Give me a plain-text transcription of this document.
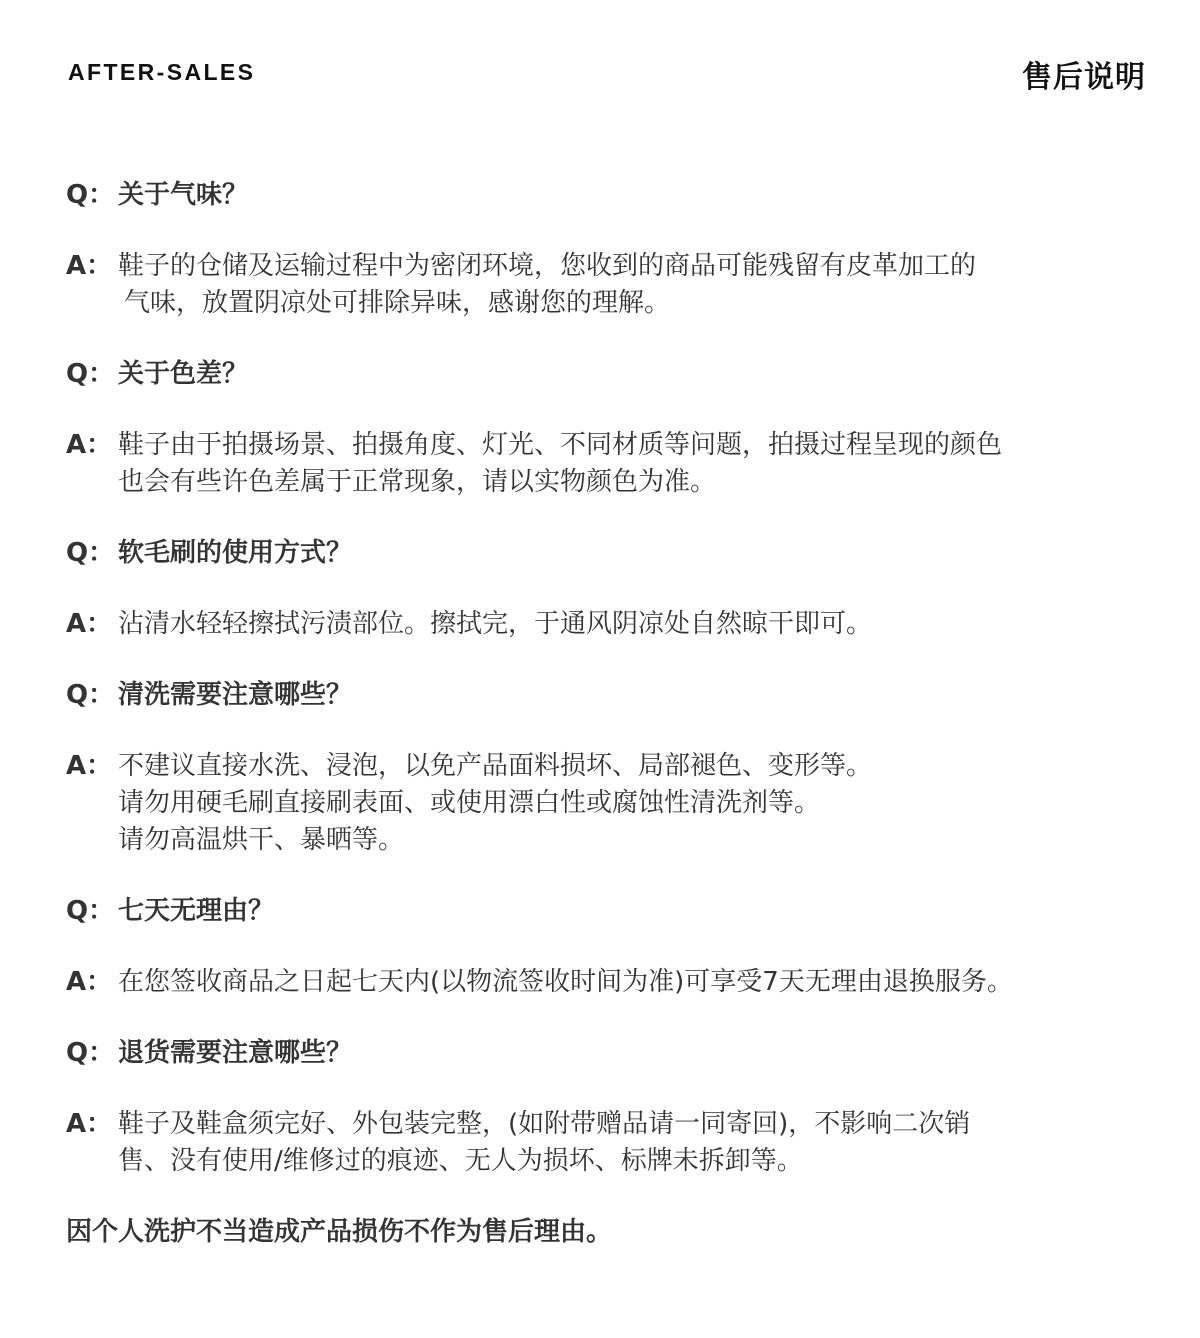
AFTER-SALES	售后说明
Q： 关于气味？
A： 鞋子的仓储及运输过程中为密闭环境，您收到的商品可能残留有皮革加工的
气味，放置阴凉处可排除异味，感谢您的理解。
Q： 关于色差？
A： 鞋子由于拍摄场景、拍摄角度、灯光、不同材质等问题，拍摄过程呈现的颜色
也会有些许色差属于正常现象，请以实物颜色为准。
Q： 软毛刷的使用方式？
A： 沾清水轻轻擦拭污渍部位。擦拭完，于通风阴凉处自然晾干即可。
Q： 清洗需要注意哪些？
A： 不建议直接水洗、浸泡，以免产品面料损坏、局部褪色、变形等。
请勿用硬毛刷直接刷表面、或使用漂白性或腐蚀性清洗剂等。
请勿高温烘干、暴晒等。
Q： 七天无理由？
A： 在您签收商品之日起七天内(以物流签收时间为准)可享受7天无理由退换服务。
Q： 退货需要注意哪些？
A： 鞋子及鞋盒须完好、外包装完整，(如附带赠品请一同寄回)，不影响二次销
售、没有使用/维修过的痕迹、无人为损坏、标牌未拆卸等。
因个人洗护不当造成产品损伤不作为售后理由。
